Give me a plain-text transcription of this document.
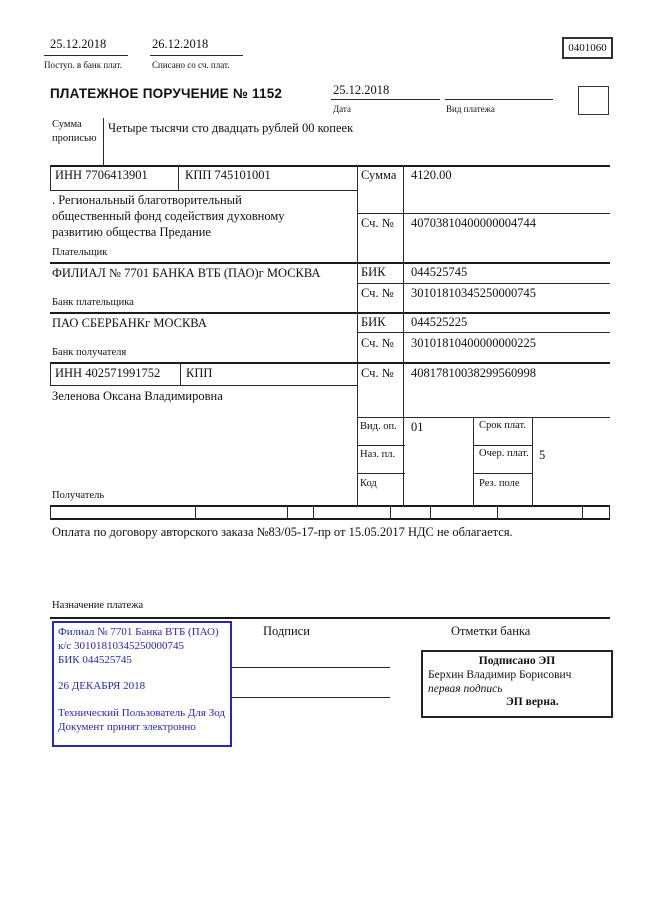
25.12.2018
Поступ. в банк плат.
26.12.2018
Списано со сч. плат.
0401060
ПЛАТЕЖНОЕ ПОРУЧЕНИЕ № 1152	25.12.2018
Дата	Вид платежа
Сумма
прописью
Четыре тысячи сто двадцать рублей 00 копеек
ИНН 7706413901	КПП 745101001
. Региональный благотворительный
общественный фонд содействия духовному
развитию общества Предание
Плательщик
Сумма 4120.00
Сч. № 40703810400000004744
ФИЛИАЛ № 7701 БАНКА ВТБ (ПАО)г МОСКВА
Банк плательщика
БИК 044525745
Сч. № 30101810345250000745
ПАО СБЕРБАНКг МОСКВА
Банк получателя
БИК 044525225
Сч. № 30101810400000000225
ИНН 402571991752 КПП	Сч. № 40817810038299560998
Зеленова Оксана Владимировна
Получатель
Вид. оп. 01	Срок плат.
Наз. пл.	Очер. плат. 5
Код	Рез. поле
Оплата по договору авторского заказа №83/05-17-пр от 15.05.2017 НДС не облагается.
Назначение платежа
Подписи	Отметки банка
Филиал № 7701 Банка ВТБ (ПАО)
к/с 30101810345250000745
БИК 044525745
26 ДЕКАБРЯ 2018
Технический Пользователь Для Зод
Документ принят электронно
Подписано ЭП
Берхин Владимир Борисович
первая подпись
ЭП верна.
